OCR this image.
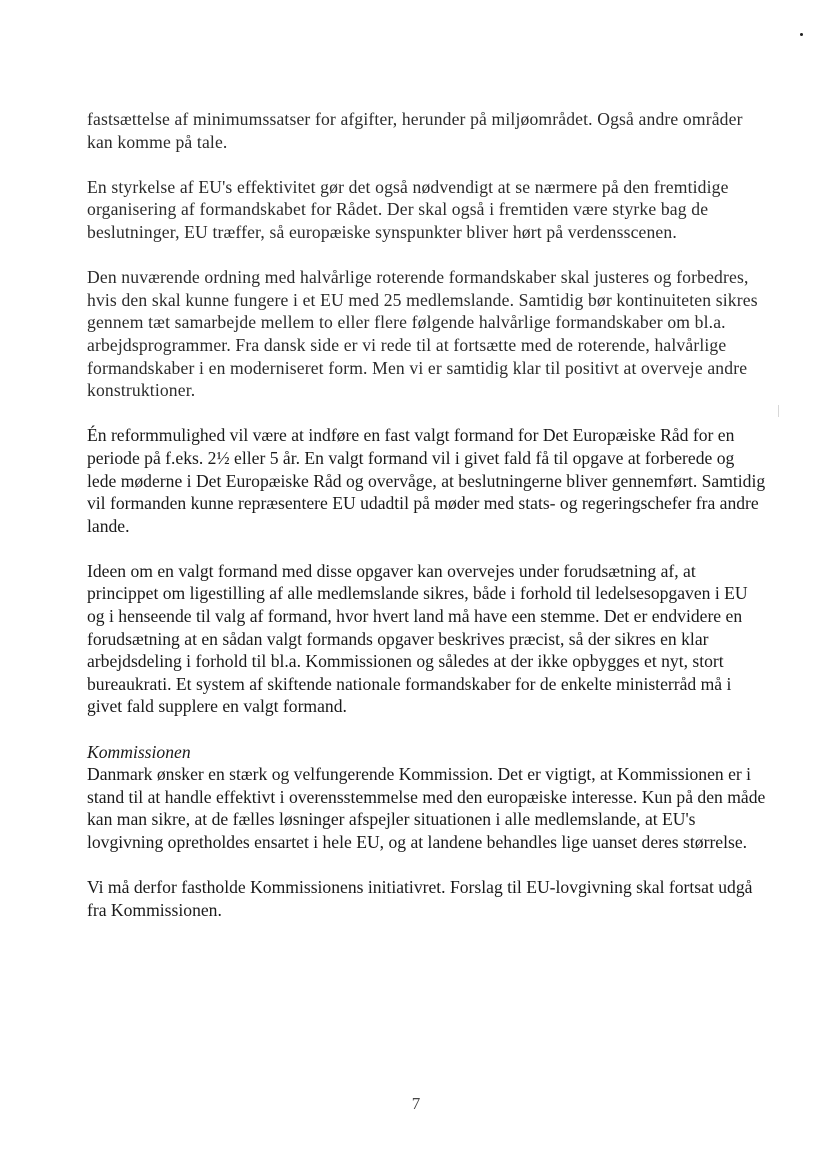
fastsættelse af minimumssatser for afgifter, herunder på miljøområdet. Også andre områder kan komme på tale.

En styrkelse af EU's effektivitet gør det også nødvendigt at se nærmere på den fremtidige organisering af formandskabet for Rådet. Der skal også i fremtiden være styrke bag de beslutninger, EU træffer, så europæiske synspunkter bliver hørt på verdensscenen.

Den nuværende ordning med halvårlige roterende formandskaber skal justeres og forbedres, hvis den skal kunne fungere i et EU med 25 medlemslande. Samtidig bør kontinuiteten sikres gennem tæt samarbejde mellem to eller flere følgende halvårlige formandskaber om bl.a. arbejdsprogrammer. Fra dansk side er vi rede til at fortsætte med de roterende, halvårlige formandskaber i en moderniseret form. Men vi er samtidig klar til positivt at overveje andre konstruktioner.

Én reformmulighed vil være at indføre en fast valgt formand for Det Europæiske Råd for en periode på f.eks. 2½ eller 5 år. En valgt formand vil i givet fald få til opgave at forberede og lede møderne i Det Europæiske Råd og overvåge, at beslutningerne bliver gennemført. Samtidig vil formanden kunne repræsentere EU udadtil på møder med stats- og regeringschefer fra andre lande.

Ideen om en valgt formand med disse opgaver kan overvejes under forudsætning af, at princippet om ligestilling af alle medlemslande sikres, både i forhold til ledelsesopgaven i EU og i henseende til valg af formand, hvor hvert land må have een stemme. Det er endvidere en forudsætning at en sådan valgt formands opgaver beskrives præcist, så der sikres en klar arbejdsdeling i forhold til bl.a. Kommissionen og således at der ikke opbygges et nyt, stort bureaukrati. Et system af skiftende nationale formandskaber for de enkelte ministerråd må i givet fald supplere en valgt formand.

Kommissionen

Danmark ønsker en stærk og velfungerende Kommission. Det er vigtigt, at Kommissionen er i stand til at handle effektivt i overensstemmelse med den europæiske interesse. Kun på den måde kan man sikre, at de fælles løsninger afspejler situationen i alle medlemslande, at EU's lovgivning opretholdes ensartet i hele EU, og at landene behandles lige uanset deres størrelse.

Vi må derfor fastholde Kommissionens initiativret. Forslag til EU-lovgivning skal fortsat udgå fra Kommissionen.

7
